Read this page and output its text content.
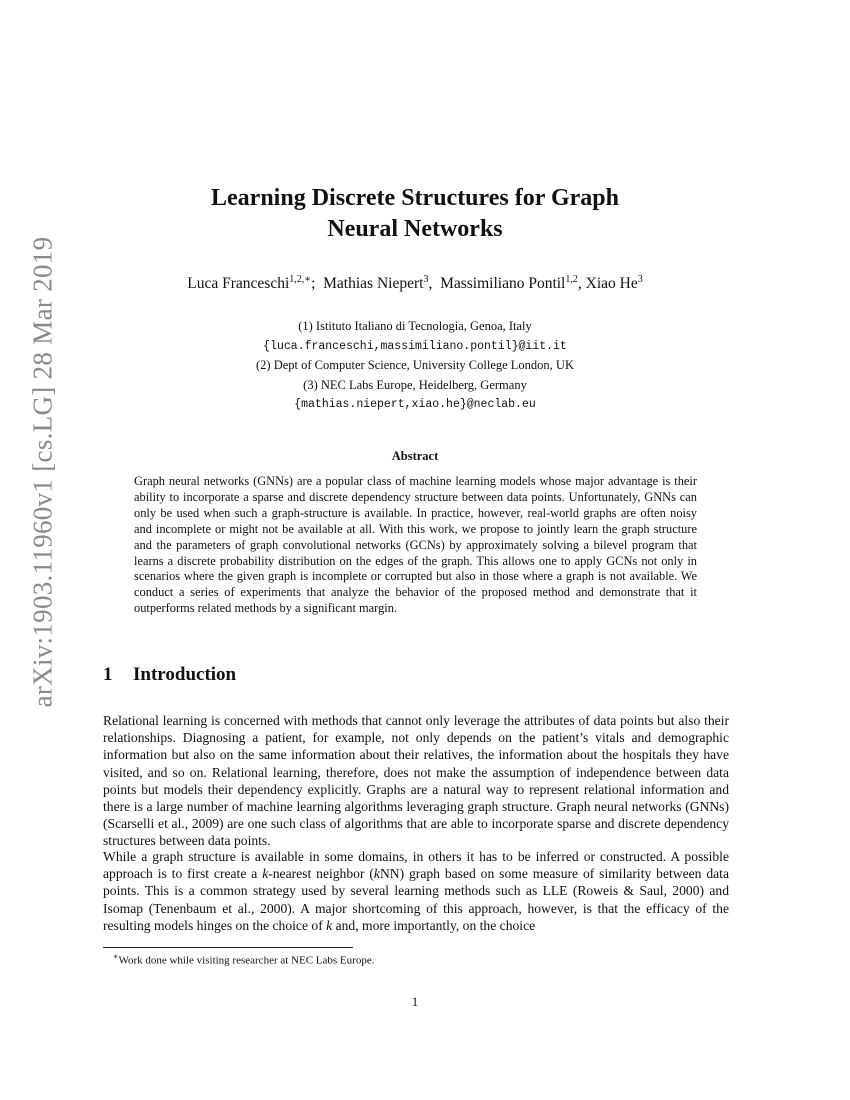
arXiv:1903.11960v1 [cs.LG] 28 Mar 2019
Learning Discrete Structures for Graph
Neural Networks
Luca Franceschi$^{1,2,∗}$;  Mathias Niepert$^3$,  Massimiliano Pontil$^{1,2}$, Xiao He$^3$
(1) Istituto Italiano di Tecnologia, Genoa, Italy
{luca.franceschi,massimiliano.pontil}@iit.it
(2) Dept of Computer Science, University College London, UK
(3) NEC Labs Europe, Heidelberg, Germany
{mathias.niepert,xiao.he}@neclab.eu
Abstract
Graph neural networks (GNNs) are a popular class of machine learning models whose major advantage is their ability to incorporate a sparse and discrete dependency structure between data points. Unfortunately, GNNs can only be used when such a graph-structure is available. In practice, however, real-world graphs are often noisy and incomplete or might not be available at all. With this work, we propose to jointly learn the graph structure and the parameters of graph convolutional networks (GCNs) by approximately solving a bilevel program that learns a discrete probability distribution on the edges of the graph. This allows one to apply GCNs not only in scenarios where the given graph is incomplete or corrupted but also in those where a graph is not available. We conduct a series of experiments that analyze the behavior of the proposed method and demonstrate that it outperforms related methods by a significant margin.
1 Introduction
Relational learning is concerned with methods that cannot only leverage the attributes of data points but also their relationships. Diagnosing a patient, for example, not only depends on the patient’s vitals and demographic information but also on the same information about their relatives, the information about the hospitals they have visited, and so on. Relational learning, therefore, does not make the assumption of independence between data points but models their dependency explicitly. Graphs are a natural way to represent relational information and there is a large number of machine learning algorithms leveraging graph structure. Graph neural networks (GNNs) (Scarselli et al., 2009) are one such class of algorithms that are able to incorporate sparse and discrete dependency structures between data points.
While a graph structure is available in some domains, in others it has to be inferred or constructed. A possible approach is to first create a k-nearest neighbor (kNN) graph based on some measure of similarity between data points. This is a common strategy used by several learning methods such as LLE (Roweis & Saul, 2000) and Isomap (Tenenbaum et al., 2000). A major shortcoming of this approach, however, is that the efficacy of the resulting models hinges on the choice of k and, more importantly, on the choice
∗Work done while visiting researcher at NEC Labs Europe.
1
